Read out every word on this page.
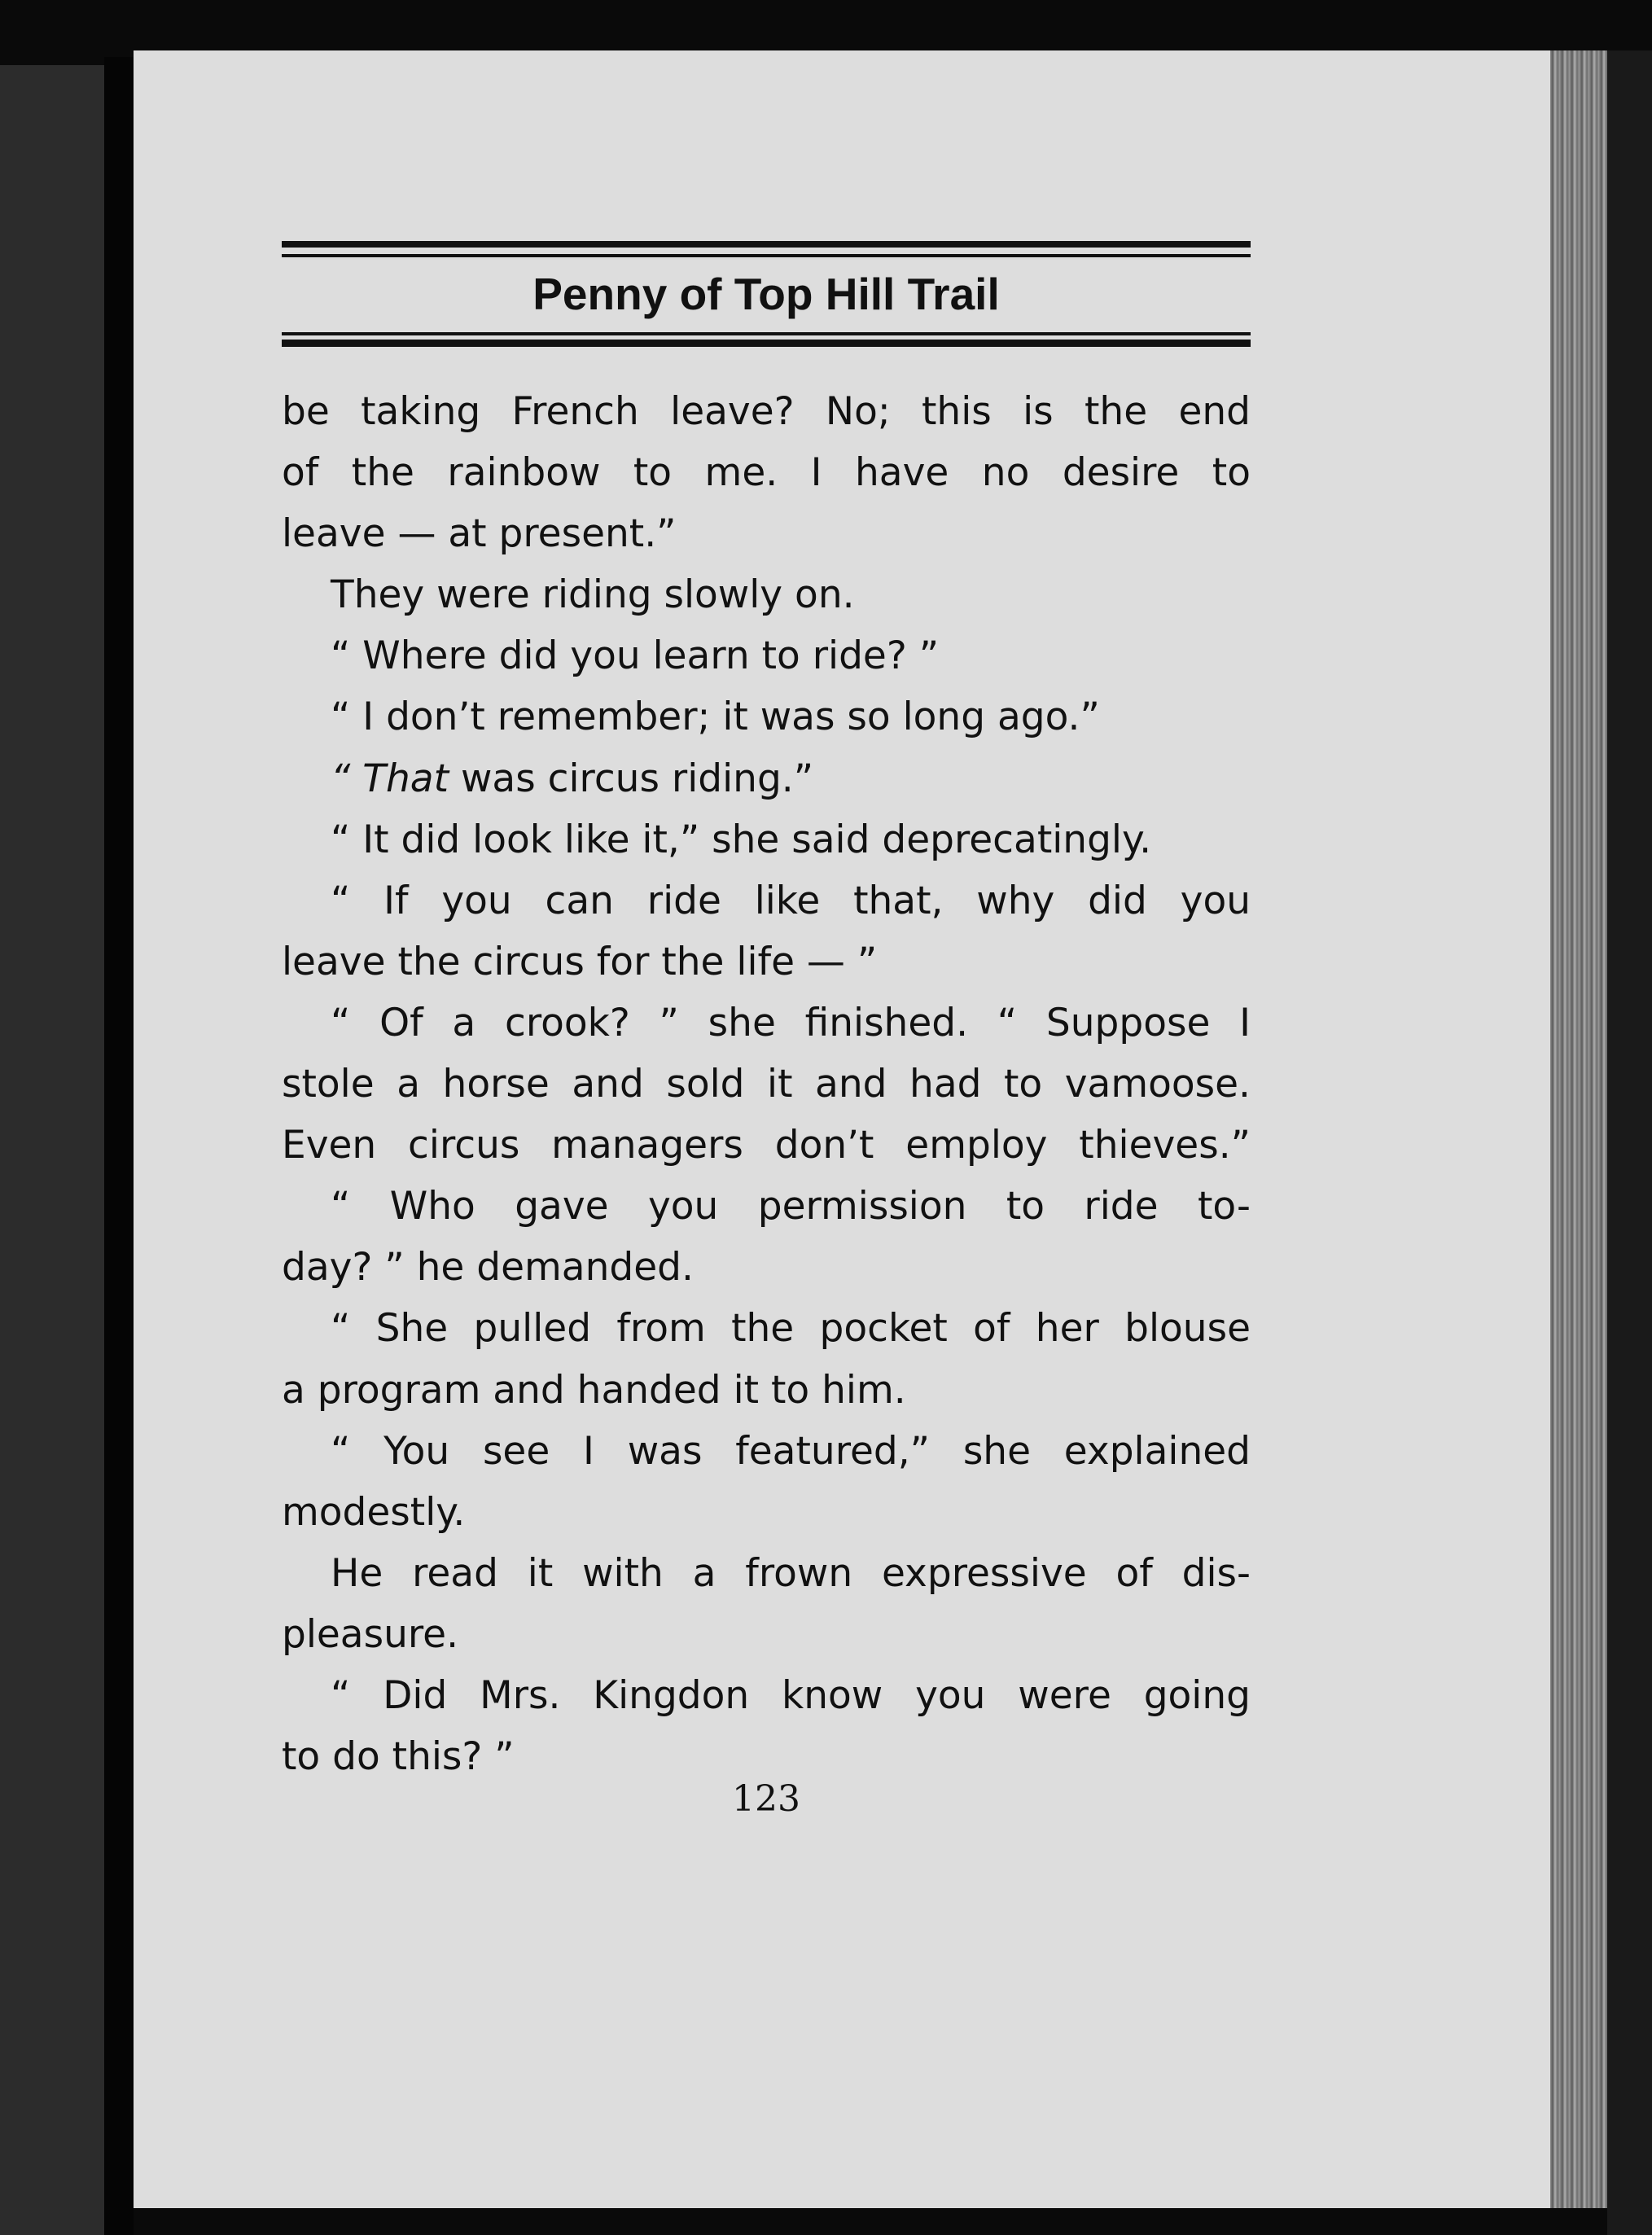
Penny of Top Hill Trail
be taking French leave? No; this is the end
of the rainbow to me. I have no desire to
leave — at present.”
They were riding slowly on.
“ Where did you learn to ride? ”
“ I don’t remember; it was so long ago.”
“ That was circus riding.”
“ It did look like it,” she said deprecatingly.
“ If you can ride like that, why did you
leave the circus for the life — ”
“ Of a crook? ” she finished. “ Suppose I
stole a horse and sold it and had to vamoose.
Even circus managers don’t employ thieves.”
“ Who gave you permission to ride to-
day? ” he demanded.
“ She pulled from the pocket of her blouse
a program and handed it to him.
“ You see I was featured,” she explained
modestly.
He read it with a frown expressive of dis-
pleasure.
“ Did Mrs. Kingdon know you were going
to do this? ”
123
